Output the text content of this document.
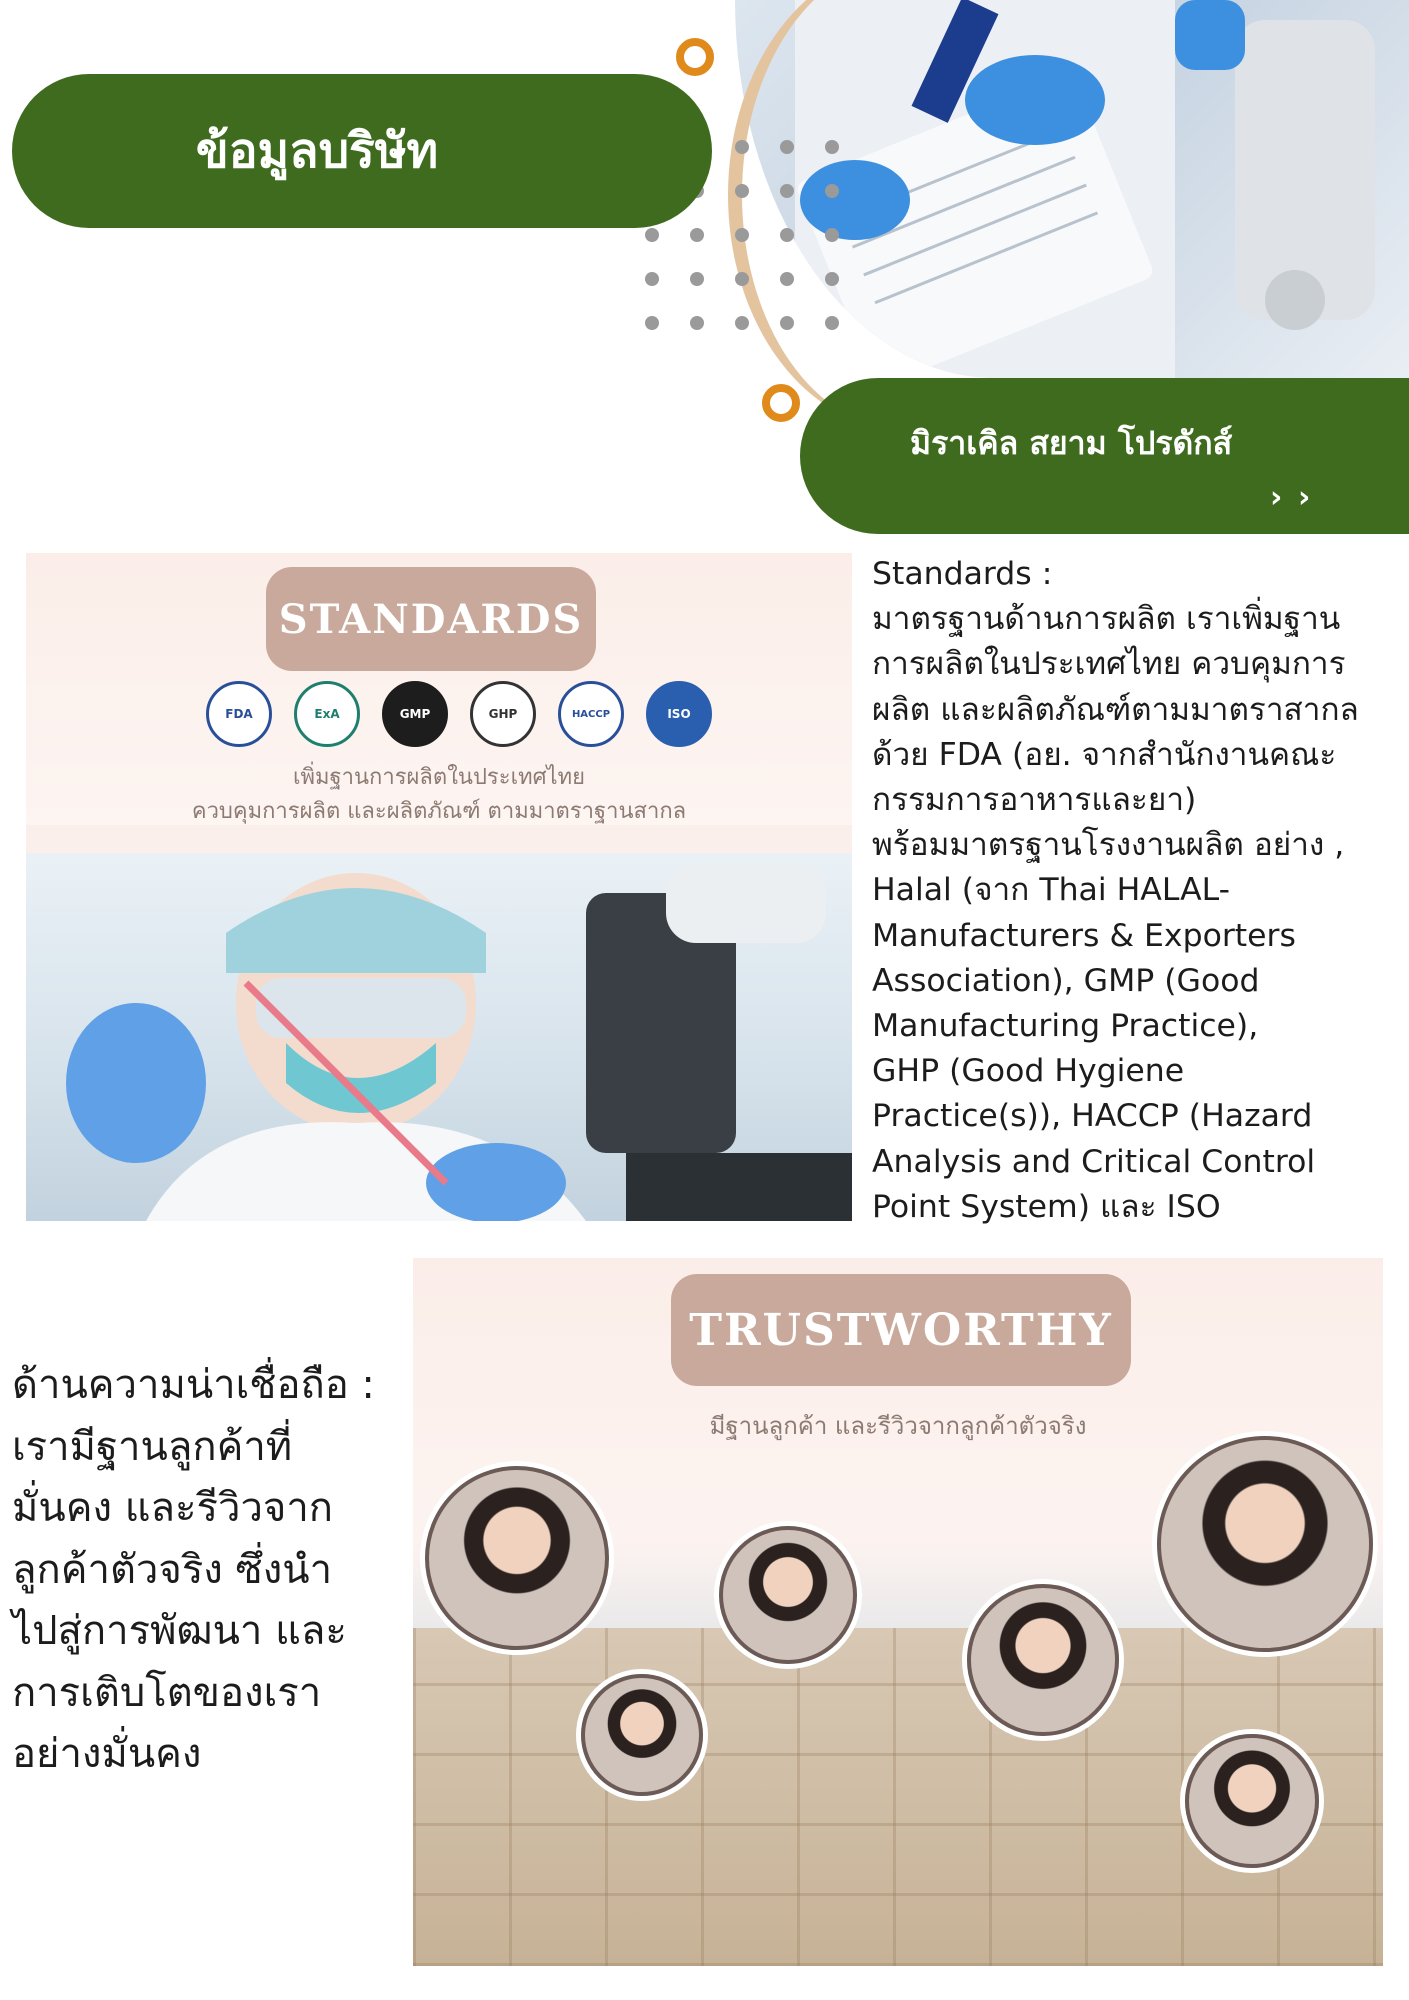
ข้อมูลบริษัท
มิราเคิล สยาม โปรดักส์
› ›
STANDARDS
FDA	ExA	GMP	GHP	HACCP	ISO
เพิ่มฐานการผลิตในประเทศไทย
ควบคุมการผลิต และผลิตภัณฑ์ ตามมาตราฐานสากล

Standards :

มาตรฐานด้านการผลิต เราเพิ่มฐาน

การผลิตในประเทศไทย ควบคุมการ

ผลิต และผลิตภัณฑ์ตามมาตราสากล

ด้วย FDA (อย. จากสำนักงานคณะ

กรรมการอาหารและยา)

พร้อมมาตรฐานโรงงานผลิต อย่าง ,

Halal (จาก Thai HALAL-

Manufacturers & Exporters

Association), GMP (Good

Manufacturing Practice),

GHP (Good Hygiene

Practice(s)), HACCP (Hazard

Analysis and Critical Control

Point System) และ ISO

ด้านความน่าเชื่อถือ :

เรามีฐานลูกค้าที่

มั่นคง และรีวิวจาก

ลูกค้าตัวจริง ซึ่งนำ

ไปสู่การพัฒนา และ

การเติบโตของเรา

อย่างมั่นคง

TRUSTWORTHY
มีฐานลูกค้า และรีวิวจากลูกค้าตัวจริง
